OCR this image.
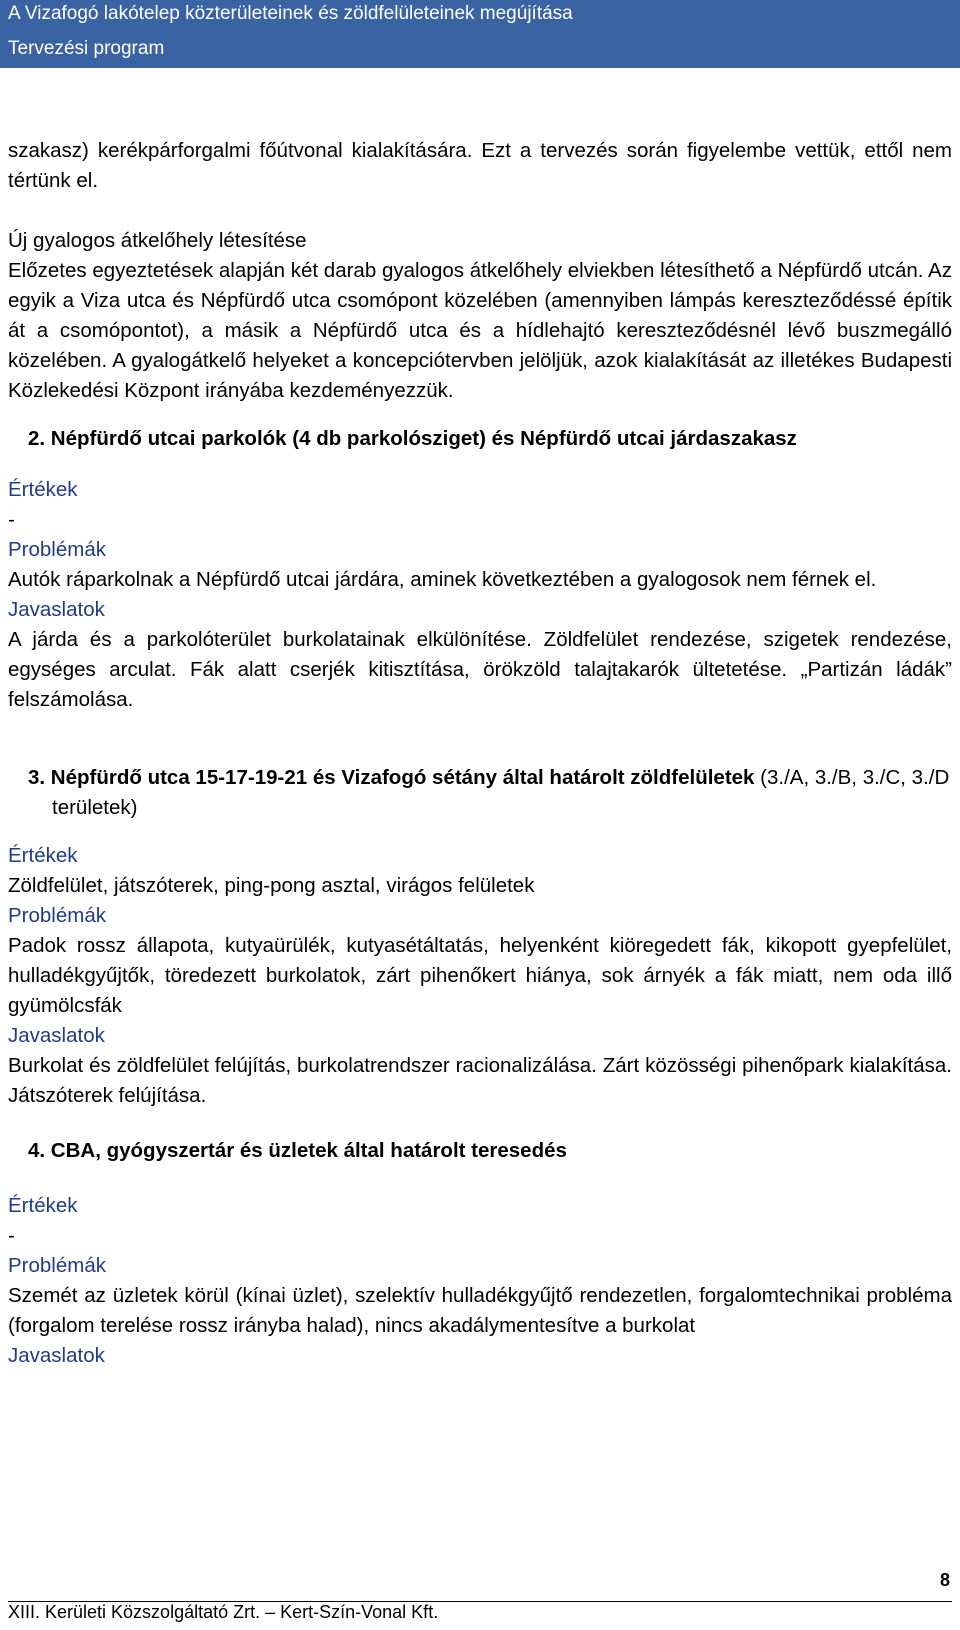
A Vizafogó lakótelep közterületeinek és zöldfelületeinek megújítása
Tervezési program

szakasz) kerékpárforgalmi főútvonal kialakítására. Ezt a tervezés során figyelembe vettük, ettől nem tértünk el.

Új gyalogos átkelőhely létesítése

Előzetes egyeztetések alapján két darab gyalogos átkelőhely elviekben létesíthető a Népfürdő utcán. Az egyik a Viza utca és Népfürdő utca csomópont közelében (amennyiben lámpás kereszteződéssé építik át a csomópontot), a másik a Népfürdő utca és a hídlehajtó kereszteződésnél lévő buszmegálló közelében. A gyalogátkelő helyeket a koncepciótervben jelöljük, azok kialakítását az illetékes Budapesti Közlekedési Központ irányába kezdeményezzük.

2. Népfürdő utcai parkolók (4 db parkolósziget) és Népfürdő utcai járdaszakasz

Értékek

-

Problémák

Autók ráparkolnak a Népfürdő utcai járdára, aminek következtében a gyalogosok nem férnek el.

Javaslatok

A járda és a parkolóterület burkolatainak elkülönítése. Zöldfelület rendezése, szigetek rendezése, egységes arculat. Fák alatt cserjék kitisztítása, örökzöld talajtakarók ültetetése. „Partizán ládák” felszámolása.

3. Népfürdő utca 15-17-19-21 és Vizafogó sétány által határolt zöldfelületek (3./A, 3./B, 3./C, 3./D területek)

Értékek

Zöldfelület, játszóterek, ping-pong asztal, virágos felületek

Problémák

Padok rossz állapota, kutyaürülék, kutyasétáltatás, helyenként kiöregedett fák, kikopott gyepfelület, hulladékgyűjtők, töredezett burkolatok, zárt pihenőkert hiánya, sok árnyék a fák miatt, nem oda illő gyümölcsfák

Javaslatok

Burkolat és zöldfelület felújítás, burkolatrendszer racionalizálása. Zárt közösségi pihenőpark kialakítása. Játszóterek felújítása.

4. CBA, gyógyszertár és üzletek által határolt teresedés

Értékek

-

Problémák

Szemét az üzletek körül (kínai üzlet), szelektív hulladékgyűjtő rendezetlen, forgalomtechnikai probléma (forgalom terelése rossz irányba halad), nincs akadálymentesítve a burkolat

Javaslatok

8
XIII. Kerületi Közszolgáltató Zrt. – Kert-Szín-Vonal Kft.
